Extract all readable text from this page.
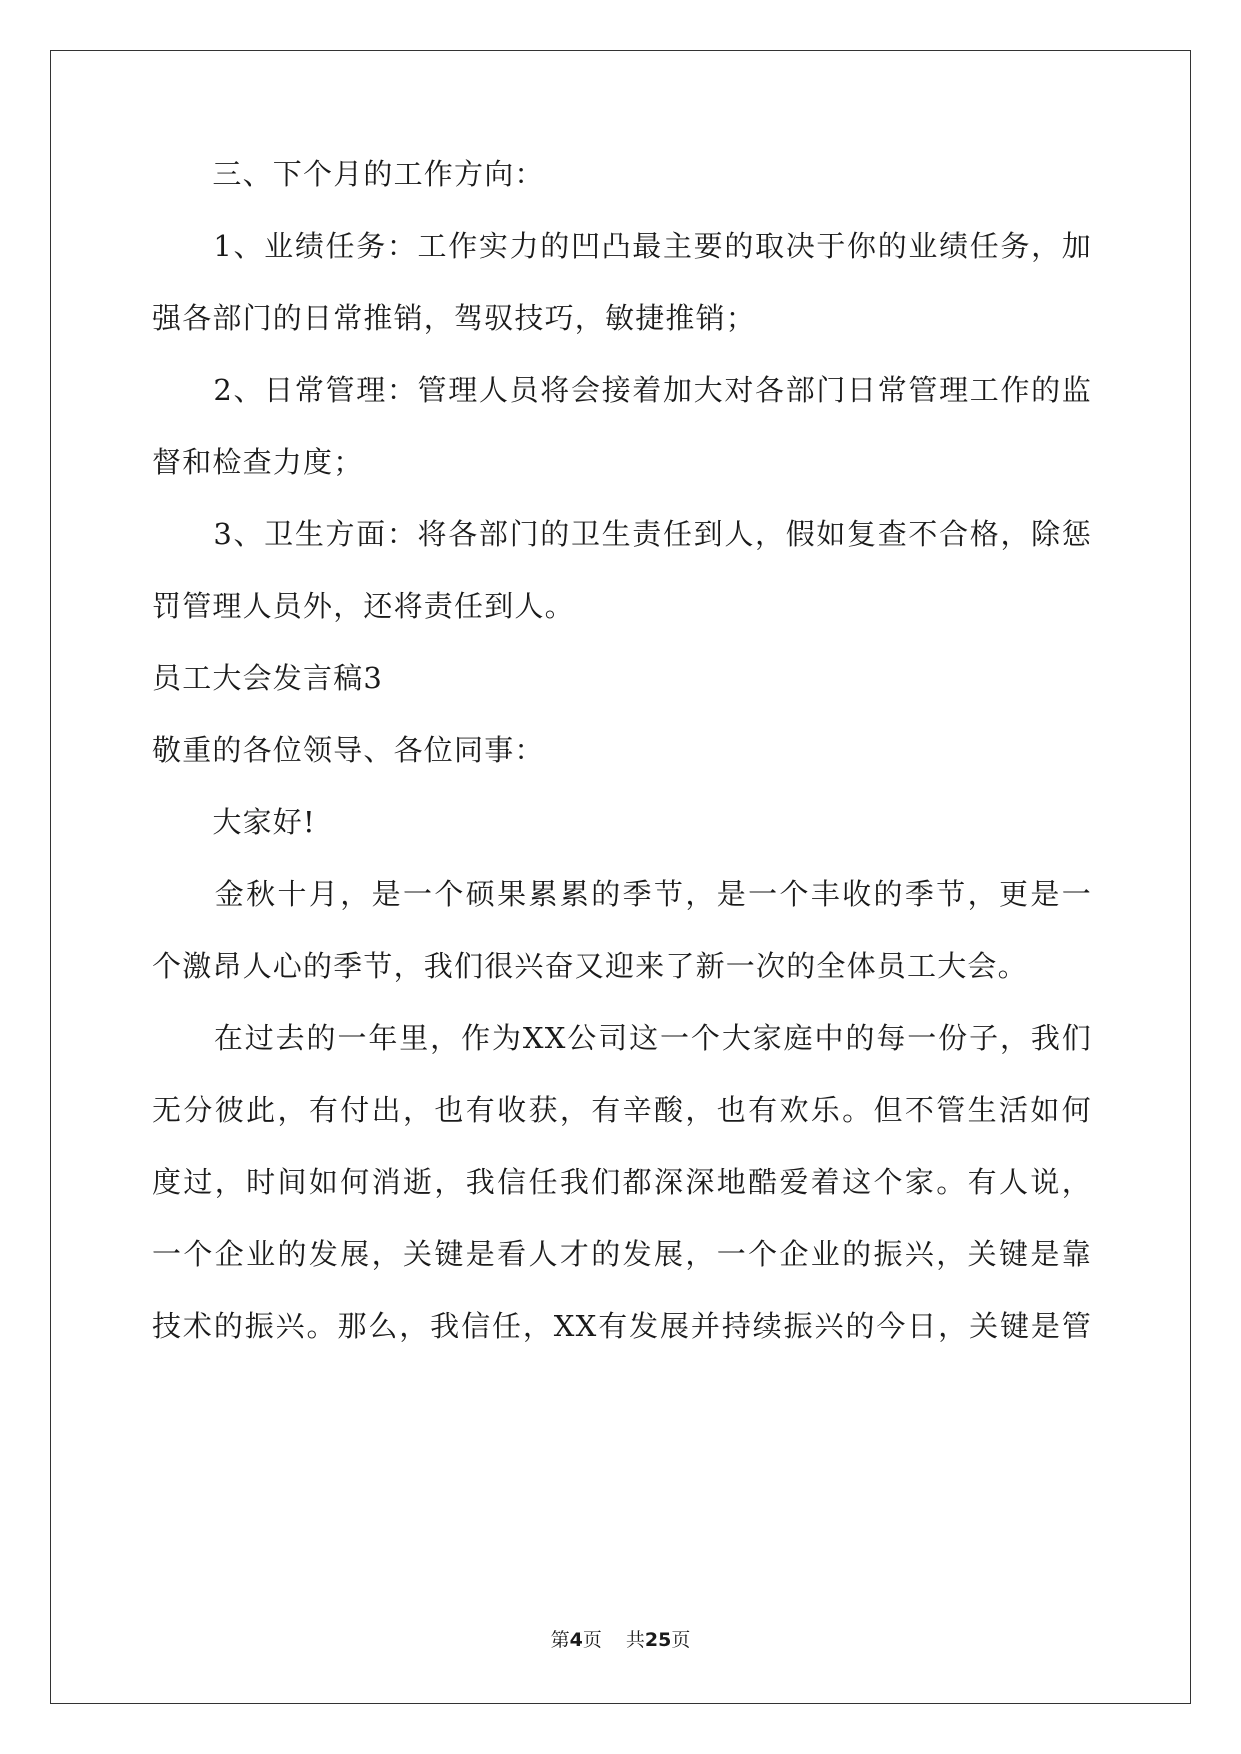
　　三、下个月的工作方向：
　　1、业绩任务：工作实力的凹凸最主要的取决于你的业绩任务，加
强各部门的日常推销，驾驭技巧，敏捷推销；
　　2、日常管理：管理人员将会接着加大对各部门日常管理工作的监
督和检查力度；
　　3、卫生方面：将各部门的卫生责任到人，假如复查不合格，除惩
罚管理人员外，还将责任到人。
员工大会发言稿3
敬重的各位领导、各位同事：
　　大家好!
　　金秋十月，是一个硕果累累的季节，是一个丰收的季节，更是一
个激昂人心的季节，我们很兴奋又迎来了新一次的全体员工大会。
　　在过去的一年里，作为XX公司这一个大家庭中的每一份子，我们
无分彼此，有付出，也有收获，有辛酸，也有欢乐。但不管生活如何
度过，时间如何消逝，我信任我们都深深地酷爱着这个家。有人说，
一个企业的发展，关键是看人才的发展，一个企业的振兴，关键是靠
技术的振兴。那么，我信任，XX有发展并持续振兴的今日，关键是管
第4页 共25页
